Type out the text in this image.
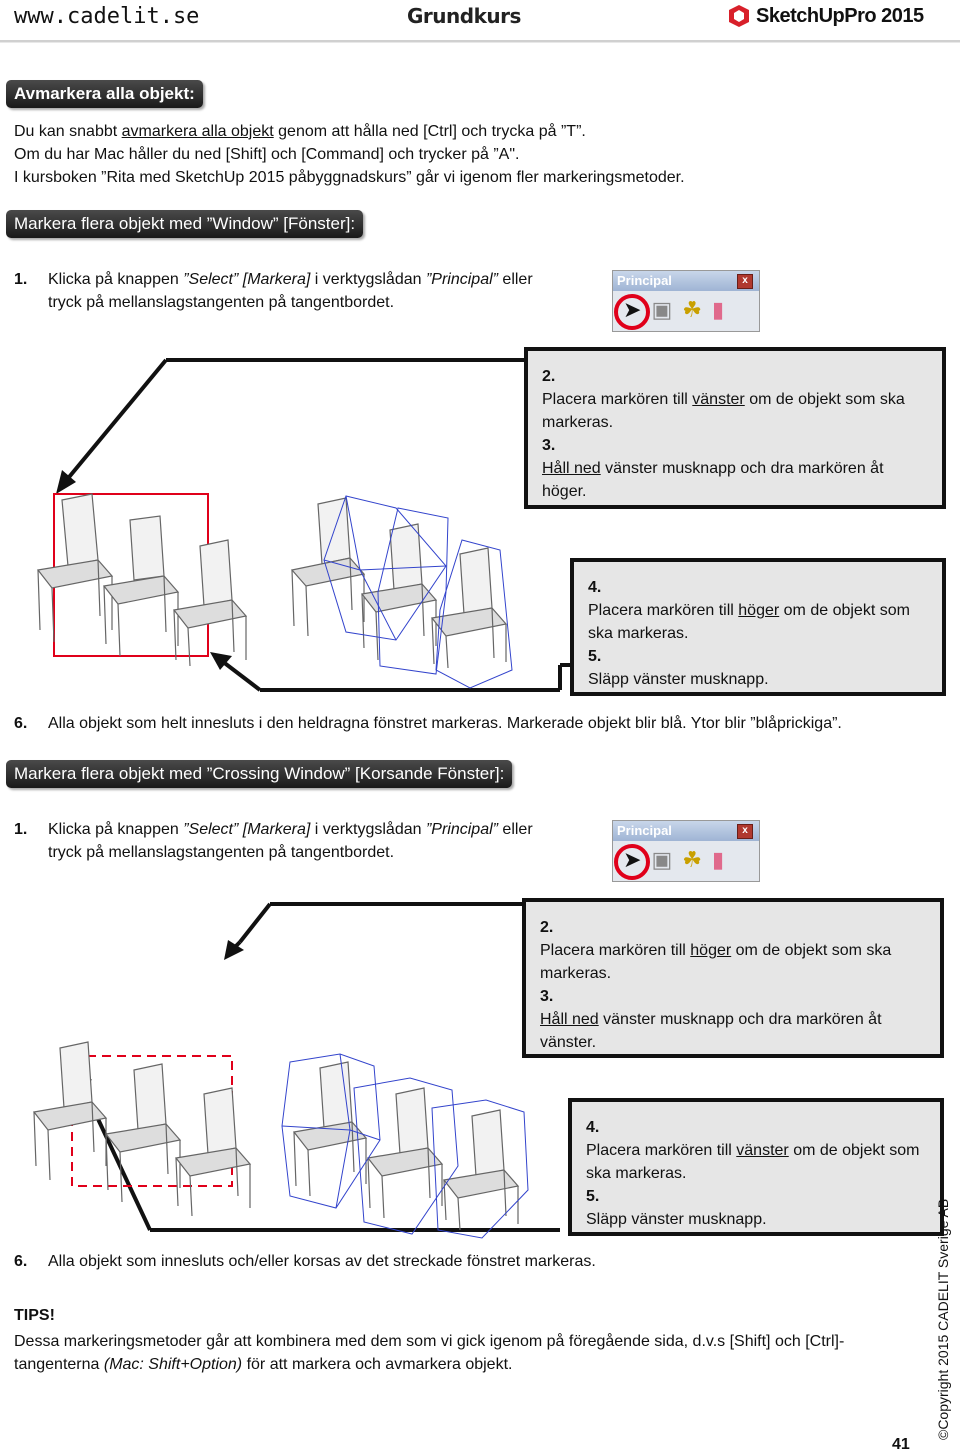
www.cadelit.se	Grundkurs	SketchUpPro 2015
Avmarkera alla objekt:
Du kan snabbt avmarkera alla objekt genom att hålla ned [Ctrl] och trycka på ”T”.
Om du har Mac håller du ned [Shift] och [Command] och trycker på ”A".
I kursboken ”Rita med SketchUp 2015 påbyggnadskurs” går vi igenom fler markeringsmetoder.
Markera flera objekt med ”Window” [Fönster]:
1.	Klicka på knappen ”Select” [Markera] i verktygslådan ”Principal” eller
tryck på mellanslagstangenten på tangentbordet.
Principal	x
➤ ▣ ☘ ▮
2.
Placera markören till vänster om de objekt som ska markeras.
3.
Håll ned vänster musknapp och dra markören åt höger.
4.
Placera markören till höger om de objekt som ska markeras.
5.
Släpp vänster musknapp.
6.	Alla objekt som helt innesluts i den heldragna fönstret markeras. Markerade objekt blir blå. Ytor blir ”blåprickiga”.
Markera flera objekt med ”Crossing Window” [Korsande Fönster]:
1.	Klicka på knappen ”Select” [Markera] i verktygslådan ”Principal” eller
tryck på mellanslagstangenten på tangentbordet.
Principal	x
➤ ▣ ☘ ▮
2.
Placera markören till höger om de objekt som ska markeras.
3.
Håll ned vänster musknapp och dra markören åt vänster.
4.
Placera markören till vänster om de objekt som ska markeras.
5.
Släpp vänster musknapp.
6.	Alla objekt som innesluts och/eller korsas av det streckade fönstret markeras.
TIPS!
Dessa markeringsmetoder går att kombinera med dem som vi gick igenom på föregående sida, d.v.s [Shift] och [Ctrl]-
tangenterna (Mac: Shift+Option) för att markera och avmarkera objekt.
41
©Copyright 2015 CADELIT Sverige AB
